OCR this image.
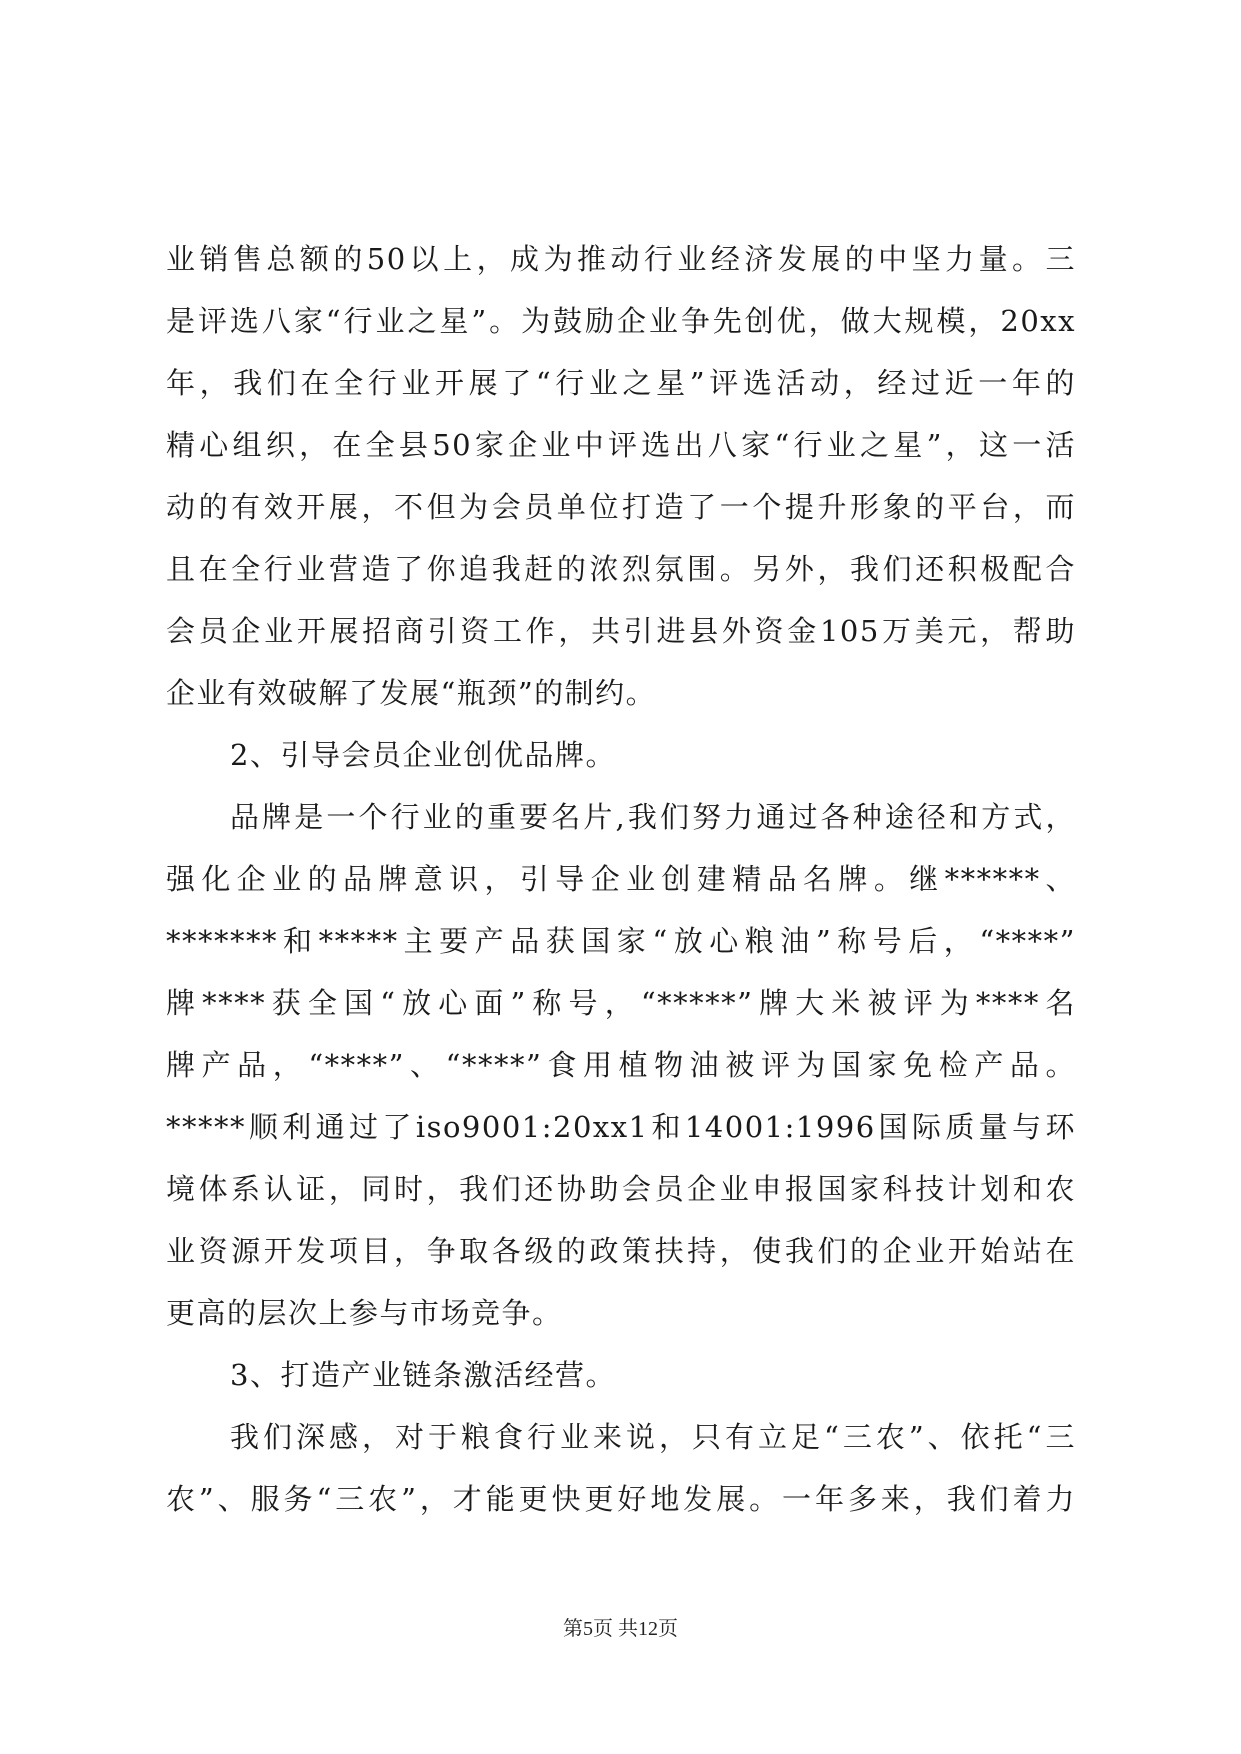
业销售总额的50以上，成为推动行业经济发展的中坚力量。三
是评选八家“行业之星”。为鼓励企业争先创优，做大规模，20xx
年，我们在全行业开展了“行业之星”评选活动，经过近一年的
精心组织，在全县50家企业中评选出八家“行业之星”，这一活
动的有效开展，不但为会员单位打造了一个提升形象的平台，而
且在全行业营造了你追我赶的浓烈氛围。另外，我们还积极配合
会员企业开展招商引资工作，共引进县外资金105万美元，帮助
企业有效破解了发展“瓶颈”的制约。
2、引导会员企业创优品牌。
品牌是一个行业的重要名片,我们努力通过各种途径和方式，
强化企业的品牌意识，引导企业创建精品名牌。继******、
*******和*****主要产品获国家“放心粮油”称号后，“****”
牌****获全国“放心面”称号，“*****”牌大米被评为****名
牌产品，“****”、“****”食用植物油被评为国家免检产品。
*****顺利通过了iso9001:20xx1和14001:1996国际质量与环
境体系认证，同时，我们还协助会员企业申报国家科技计划和农
业资源开发项目，争取各级的政策扶持，使我们的企业开始站在
更高的层次上参与市场竞争。
3、打造产业链条激活经营。
我们深感，对于粮食行业来说，只有立足“三农”、依托“三
农”、服务“三农”，才能更快更好地发展。一年多来，我们着力
第5页 共12页
